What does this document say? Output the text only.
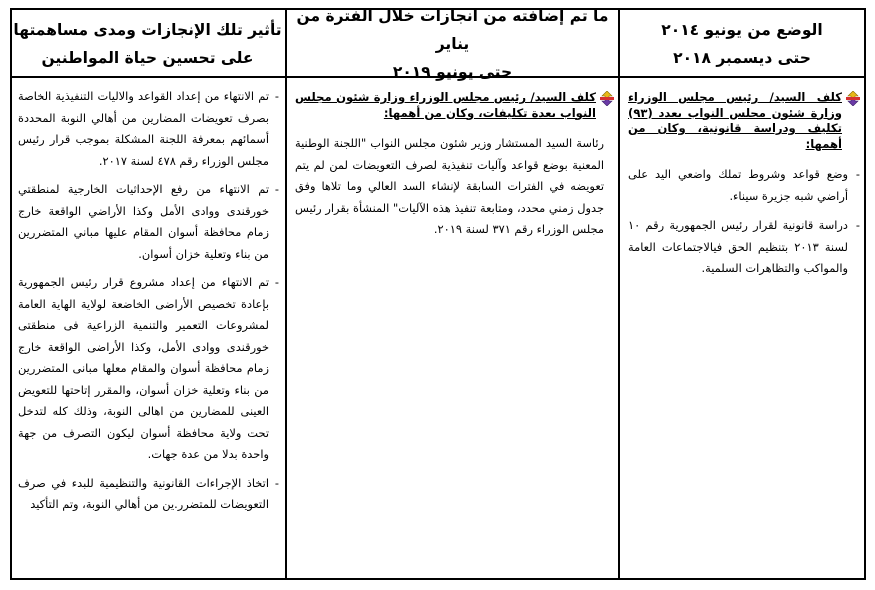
الوضع من يونيو ٢٠١٤
حتى ديسمبر ٢٠١٨
ما تم إضافته من انجازات خلال الفترة من يناير
حتى يونيو ٢٠١٩
تأثير تلك الإنجازات ومدى مساهمتها
على تحسين حياة المواطنين
كلف السيد/ رئيس مجلس الوزراء وزارة شئون مجلس النواب بعدد (٩٣) تكليف ودراسة قانونية، وكان من أهمها:
-
وضع قواعد وشروط تملك واضعي اليد على أراضي شبه جزيرة سيناء.
-
دراسة قانونية لقرار رئيس الجمهورية رقم ١٠ لسنة ٢٠١٣ بتنظيم الحق فيالاجتماعات العامة والمواكب والتظاهرات السلمية.
كلف السيد/ رئيس مجلس الوزراء وزارة شئون مجلس النواب بعدة تكليفات، وكان من أهمها:

رئاسة السيد المستشار وزير شئون مجلس النواب "اللجنة الوطنية المعنية بوضع قواعد وآليات تنفيذية لصرف التعويضات لمن لم يتم تعويضه في الفترات السابقة لإنشاء السد العالي وما تلاها وفق جدول زمني محدد، ومتابعة تنفيذ هذه الآليات" المنشأة بقرار رئيس مجلس الوزراء رقم ٣٧١ لسنة ٢٠١٩.

-
تم الانتهاء من إعداد القواعد والاليات التنفيذية الخاصة بصرف تعويضات المضارين من أهالي النوبة المحددة أسمائهم بمعرفة اللجنة المشكلة بموجب قرار رئيس مجلس الوزراء رقم ٤٧٨ لسنة ٢٠١٧.

-
تم الانتهاء من رفع الإحداثيات الخارجية لمنطقتي خورقندى ووادى الأمل وكذا الأراضي الواقعة خارج زمام محافظة أسوان المقام عليها مباني المتضررين من بناء وتعلية خزان أسوان.

-
تم الانتهاء من إعداد مشروع قرار رئيس الجمهورية بإعادة تخصيص الأراضى الخاضعة لولاية الهاية العامة لمشروعات التعمير والتنمية الزراعية فى منطقتى خورقندى ووادى الأمل، وكذا الأراضى الواقعة خارج زمام محافظة أسوان والمقام معلها مبانى المتضررين من بناء وتعلية خزان أسوان، والمقرر إتاحتها للتعويض العينى للمضارين من اهالى النوبة، وذلك كله لتدخل تحت ولاية محافظة أسوان ليكون التصرف من جهة واحدة بدلا من عدة جهات.

-
اتخاذ الإجراءات القانونية والتنظيمية للبدء في صرف التعويضات للمتضرر.ين من أهالي النوبة، وتم التأكيد
